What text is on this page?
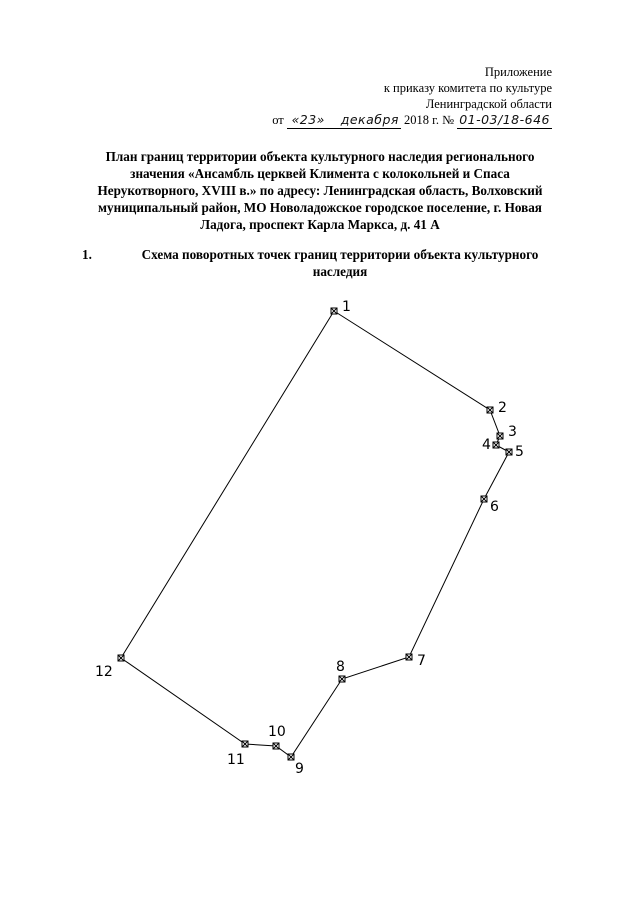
Приложение
к приказу комитета по культуре
Ленинградской области
от «23» декабря 2018 г. № 01-03/18-646
План границ территории объекта культурного наследия регионального
значения «Ансамбль церквей Климента с колокольней и Спаса
Нерукотворного, XVIII в.» по адресу: Ленинградская область, Волховский
муниципальный район, МО Новоладожское городское поселение, г. Новая
Ладога, проспект Карла Маркса, д. 41 А
1.	Схема поворотных точек границ территории объекта культурного
наследия
1
2
3
4 5
6
7
8
9
10
11
12
